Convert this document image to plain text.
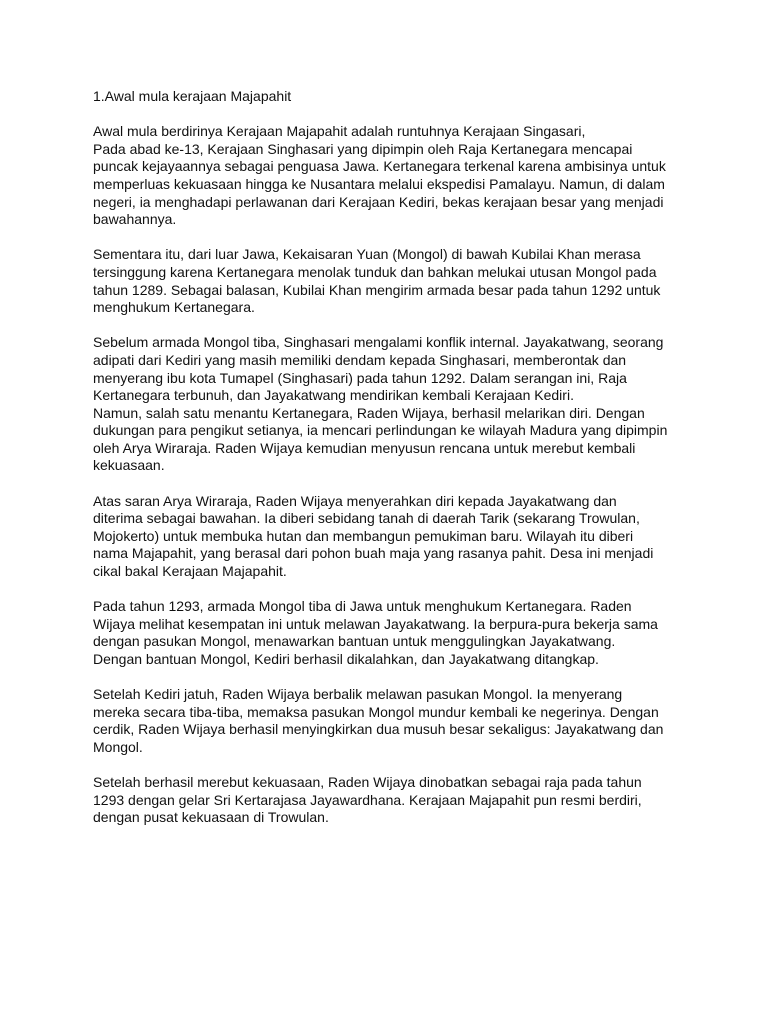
1.Awal mula kerajaan Majapahit

Awal mula berdirinya Kerajaan Majapahit adalah runtuhnya Kerajaan Singasari,
Pada abad ke-13, Kerajaan Singhasari yang dipimpin oleh Raja Kertanegara mencapai
puncak kejayaannya sebagai penguasa Jawa. Kertanegara terkenal karena ambisinya untuk
memperluas kekuasaan hingga ke Nusantara melalui ekspedisi Pamalayu. Namun, di dalam
negeri, ia menghadapi perlawanan dari Kerajaan Kediri, bekas kerajaan besar yang menjadi
bawahannya.

Sementara itu, dari luar Jawa, Kekaisaran Yuan (Mongol) di bawah Kubilai Khan merasa
tersinggung karena Kertanegara menolak tunduk dan bahkan melukai utusan Mongol pada
tahun 1289. Sebagai balasan, Kubilai Khan mengirim armada besar pada tahun 1292 untuk
menghukum Kertanegara.

Sebelum armada Mongol tiba, Singhasari mengalami konflik internal. Jayakatwang, seorang
adipati dari Kediri yang masih memiliki dendam kepada Singhasari, memberontak dan
menyerang ibu kota Tumapel (Singhasari) pada tahun 1292. Dalam serangan ini, Raja
Kertanegara terbunuh, dan Jayakatwang mendirikan kembali Kerajaan Kediri.
Namun, salah satu menantu Kertanegara, Raden Wijaya, berhasil melarikan diri. Dengan
dukungan para pengikut setianya, ia mencari perlindungan ke wilayah Madura yang dipimpin
oleh Arya Wiraraja. Raden Wijaya kemudian menyusun rencana untuk merebut kembali
kekuasaan.

Atas saran Arya Wiraraja, Raden Wijaya menyerahkan diri kepada Jayakatwang dan
diterima sebagai bawahan. Ia diberi sebidang tanah di daerah Tarik (sekarang Trowulan,
Mojokerto) untuk membuka hutan dan membangun pemukiman baru. Wilayah itu diberi
nama Majapahit, yang berasal dari pohon buah maja yang rasanya pahit. Desa ini menjadi
cikal bakal Kerajaan Majapahit.

Pada tahun 1293, armada Mongol tiba di Jawa untuk menghukum Kertanegara. Raden
Wijaya melihat kesempatan ini untuk melawan Jayakatwang. Ia berpura-pura bekerja sama
dengan pasukan Mongol, menawarkan bantuan untuk menggulingkan Jayakatwang.
Dengan bantuan Mongol, Kediri berhasil dikalahkan, dan Jayakatwang ditangkap.

Setelah Kediri jatuh, Raden Wijaya berbalik melawan pasukan Mongol. Ia menyerang
mereka secara tiba-tiba, memaksa pasukan Mongol mundur kembali ke negerinya. Dengan
cerdik, Raden Wijaya berhasil menyingkirkan dua musuh besar sekaligus: Jayakatwang dan
Mongol.

Setelah berhasil merebut kekuasaan, Raden Wijaya dinobatkan sebagai raja pada tahun
1293 dengan gelar Sri Kertarajasa Jayawardhana. Kerajaan Majapahit pun resmi berdiri,
dengan pusat kekuasaan di Trowulan.
